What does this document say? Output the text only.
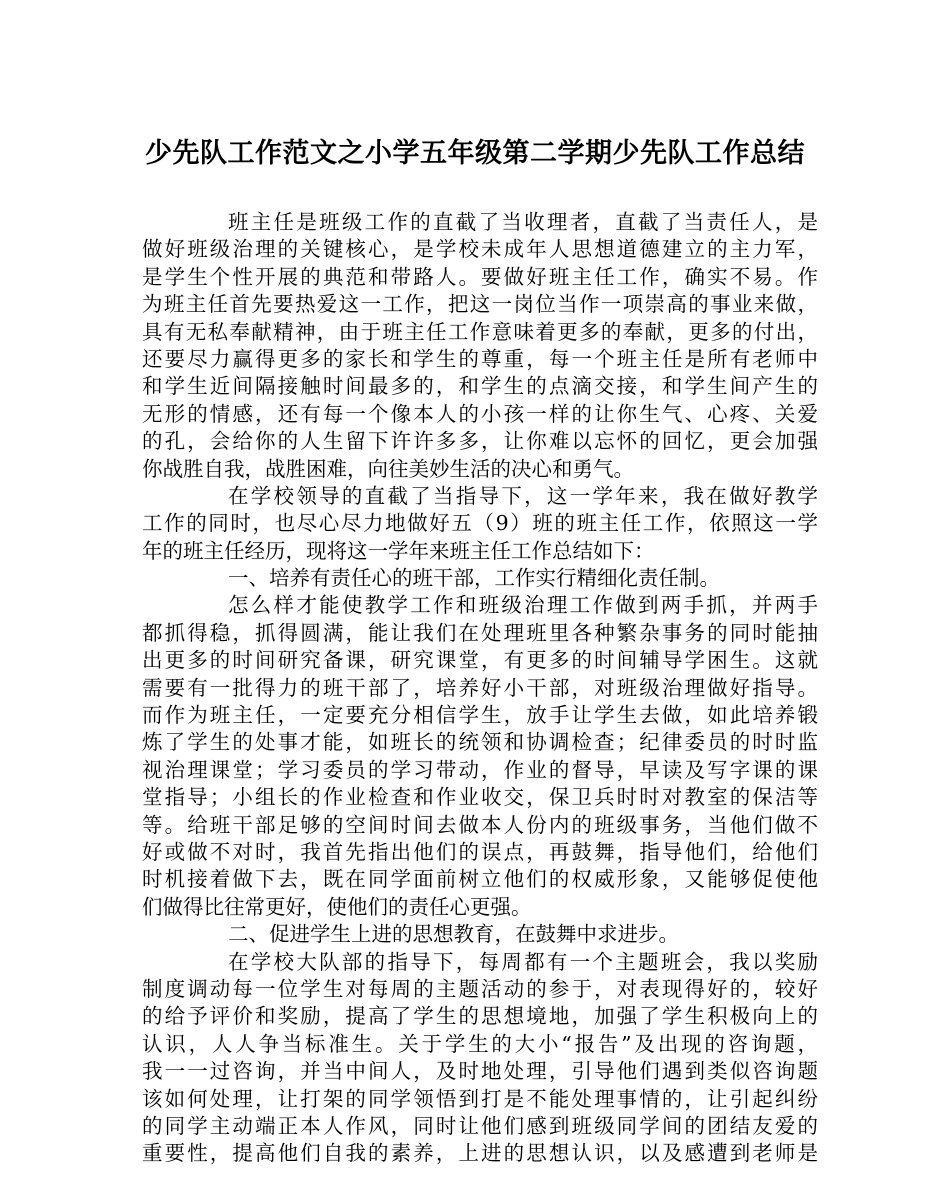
少先队工作范文之小学五年级第二学期少先队工作总结
班主任是班级工作的直截了当收理者，直截了当责任人，是
做好班级治理的关键核心，是学校未成年人思想道德建立的主力军，
是学生个性开展的典范和带路人。要做好班主任工作，确实不易。作
为班主任首先要热爱这一工作，把这一岗位当作一项崇高的事业来做，
具有无私奉献精神，由于班主任工作意味着更多的奉献，更多的付出，
还要尽力赢得更多的家长和学生的尊重，每一个班主任是所有老师中
和学生近间隔接触时间最多的，和学生的点滴交接，和学生间产生的
无形的情感，还有每一个像本人的小孩一样的让你生气、心疼、关爱
的孔，会给你的人生留下许许多多，让你难以忘怀的回忆，更会加强
你战胜自我，战胜困难，向往美妙生活的决心和勇气。
在学校领导的直截了当指导下，这一学年来，我在做好教学
工作的同时，也尽心尽力地做好五（9）班的班主任工作，依照这一学
年的班主任经历，现将这一学年来班主任工作总结如下：
一、培养有责任心的班干部，工作实行精细化责任制。
怎么样才能使教学工作和班级治理工作做到两手抓，并两手
都抓得稳，抓得圆满，能让我们在处理班里各种繁杂事务的同时能抽
出更多的时间研究备课，研究课堂，有更多的时间辅导学困生。这就
需要有一批得力的班干部了，培养好小干部，对班级治理做好指导。
而作为班主任，一定要充分相信学生，放手让学生去做，如此培养锻
炼了学生的处事才能，如班长的统领和协调检查；纪律委员的时时监
视治理课堂；学习委员的学习带动，作业的督导，早读及写字课的课
堂指导；小组长的作业检查和作业收交，保卫兵时时对教室的保洁等
等。给班干部足够的空间时间去做本人份内的班级事务，当他们做不
好或做不对时，我首先指出他们的误点，再鼓舞，指导他们，给他们
时机接着做下去，既在同学面前树立他们的权威形象，又能够促使他
们做得比往常更好，使他们的责任心更强。
二、促进学生上进的思想教育，在鼓舞中求进步。
在学校大队部的指导下，每周都有一个主题班会，我以奖励
制度调动每一位学生对每周的主题活动的参于，对表现得好的，较好
的给予评价和奖励，提高了学生的思想境地，加强了学生积极向上的
认识，人人争当标准生。关于学生的大小“报告”及出现的咨询题，
我一一过咨询，并当中间人，及时地处理，引导他们遇到类似咨询题
该如何处理，让打架的同学领悟到打是不能处理事情的，让引起纠纷
的同学主动端正本人作风，同时让他们感到班级同学间的团结友爱的
重要性，提高他们自我的素养，上进的思想认识，以及感遭到老师是
